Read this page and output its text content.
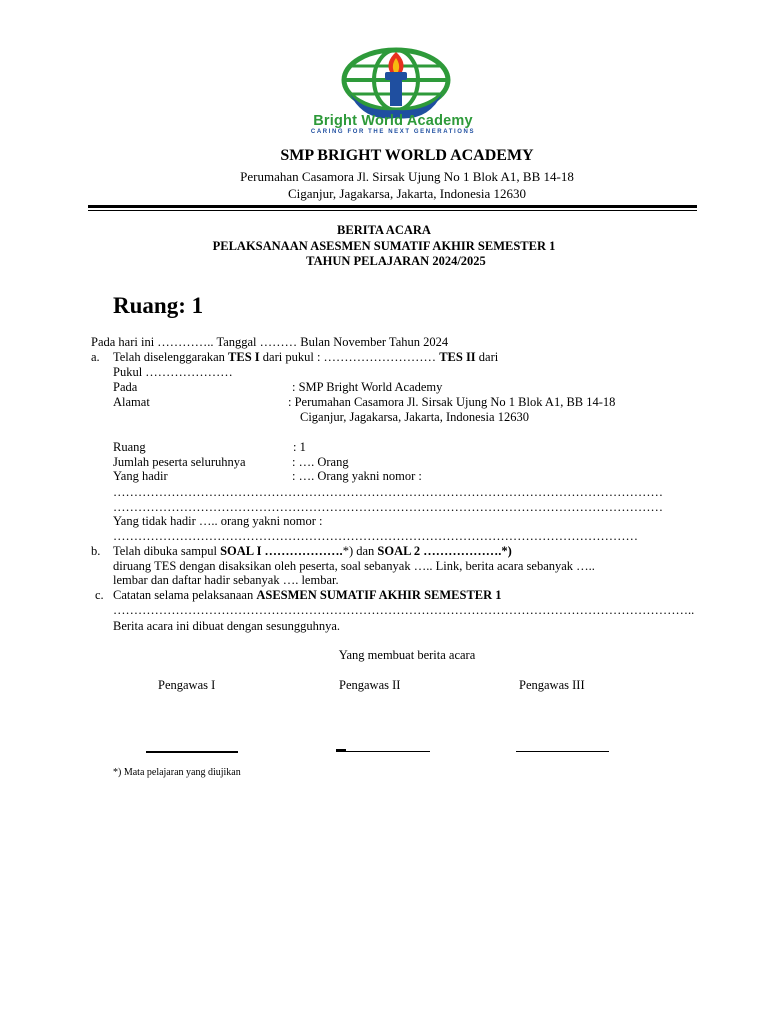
Bright World Academy
CARING FOR THE NEXT GENERATIONS
SMP BRIGHT WORLD ACADEMY
Perumahan Casamora Jl. Sirsak Ujung No 1 Blok A1, BB 14-18
Ciganjur, Jagakarsa, Jakarta, Indonesia 12630
BERITA ACARA
PELAKSANAAN ASESMEN SUMATIF AKHIR SEMESTER 1
TAHUN PELAJARAN 2024/2025
Ruang: 1
Pada hari ini ………….. Tanggal ……… Bulan November Tahun 2024
a. Telah diselenggarakan TES I dari pukul : ……………………… TES II dari
Pukul …………………
Pada	: SMP Bright World Academy
Alamat	: Perumahan Casamora Jl. Sirsak Ujung No 1 Blok A1, BB 14-18
Ciganjur, Jagakarsa, Jakarta, Indonesia 12630
Ruang	: 1
Jumlah peserta seluruhnya	: …. Orang
Yang hadir	: …. Orang yakni nomor :
……………………………………………………………………………………………………………………
……………………………………………………………………………………………………………………
Yang tidak hadir ….. orang yakni nomor :
………………………………………………………………………………………………………………
b. Telah dibuka sampul SOAL I ……………….*) dan SOAL 2 ……………….*)
diruang TES dengan disaksikan oleh peserta, soal sebanyak ….. Link, berita acara sebanyak …..
lembar dan daftar hadir sebanyak …. lembar.
c. Catatan selama pelaksanaan ASESMEN SUMATIF AKHIR SEMESTER 1
…………………………………………………………………………………………………………………………..
Berita acara ini dibuat dengan sesungguhnya.
Yang membuat berita acara
Pengawas I	Pengawas II	Pengawas III
*) Mata pelajaran yang diujikan
